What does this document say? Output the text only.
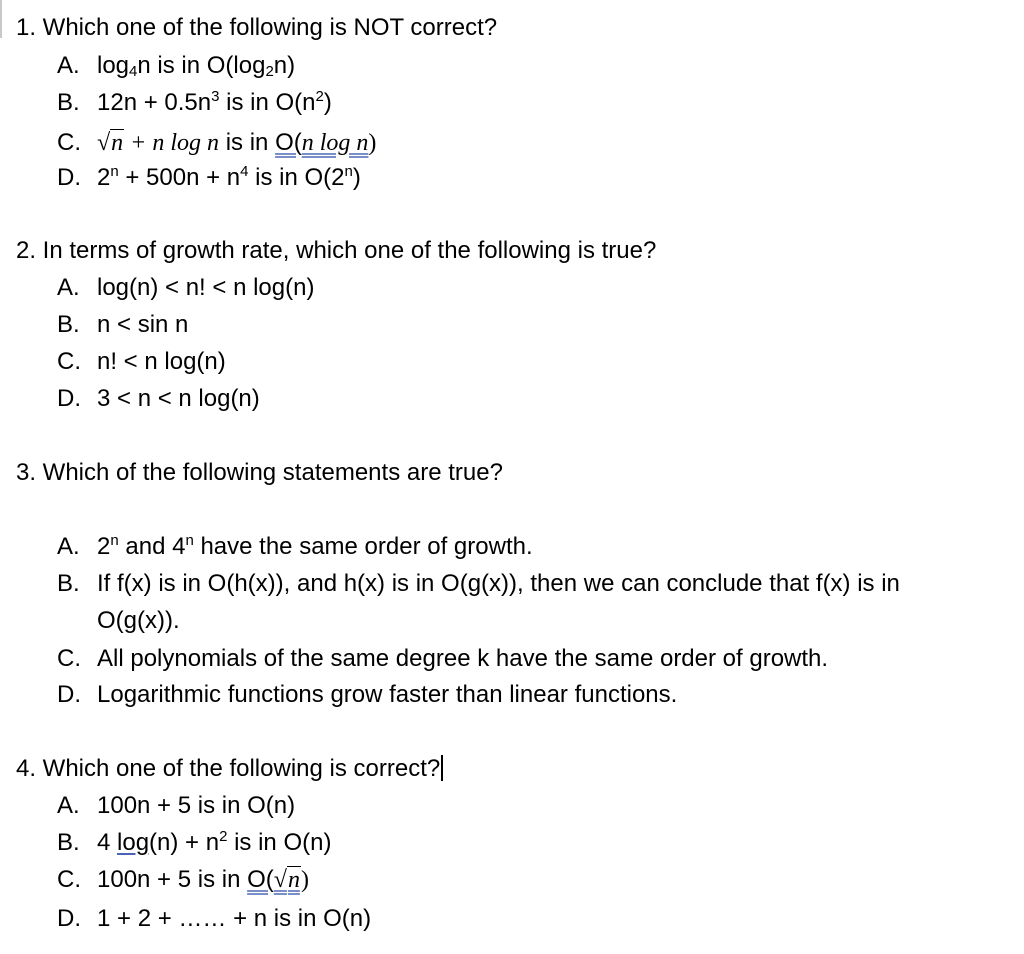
1. Which one of the following is NOT correct?
A. $\log_4n$ is in $O(\log_2n)$
B. $12n + 0.5n^3$ is in $O(n^2)$
C. √n + n log n is in O(n log n)
D. $2^n + 500n + n^4$ is in O(2$^n$)
2. In terms of growth rate, which one of the following is true?
A. log(n) < n! < n log(n)
B. n < sin n
C. n! < n log(n)
D. 3 < n < n log(n)
3. Which of the following statements are true?
A. 2$^n$ and 4$^n$ have the same order of growth.
B. If f(x) is in O(h(x)), and h(x) is in O(g(x)), then we can conclude that f(x) is in
O(g(x)).
C. All polynomials of the same degree k have the same order of growth.
D. Logarithmic functions grow faster than linear functions.
4. Which one of the following is correct?
A. 100n + 5 is in O(n)
B. 4 $\log(n) + n^2$ is in O(n)
C. 100n + 5 is in O(√n)
D. 1 + 2 + …… + n is in O(n)
